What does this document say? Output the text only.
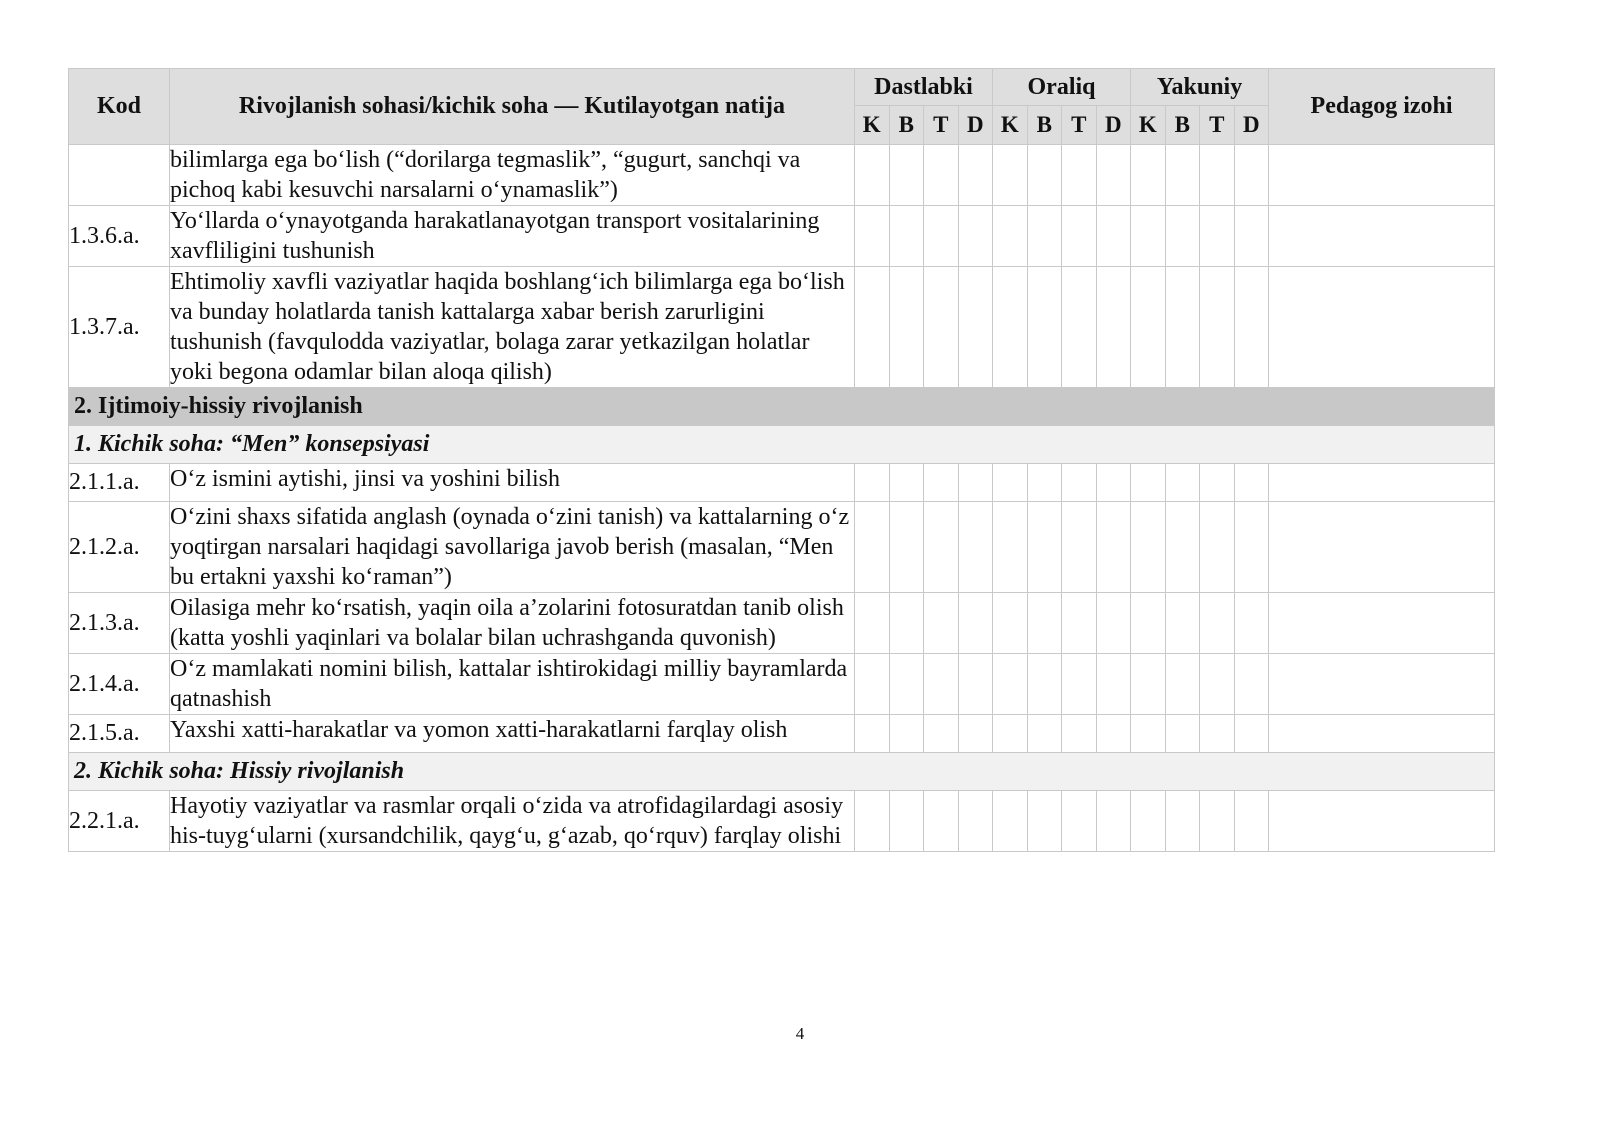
Kod	Rivojlanish sohasi/kichik soha — Kutilayotgan natija	Dastlabki				Oraliq				Yakuniy				Pedagog izohi
		K	B	T	D	K	B	T	D	K	B	T	D	
	bilimlarga ega bo‘lish (“dorilarga tegmaslik”, “gugurt, sanchqi va pichoq kabi kesuvchi narsalarni o‘ynamaslik”)													
1.3.6.a.	Yo‘llarda o‘ynayotganda harakatlanayotgan transport vositalarining xavfliligini tushunish													
1.3.7.a.	Ehtimoliy xavfli vaziyatlar haqida boshlang‘ich bilimlarga ega bo‘lish va bunday holatlarda tanish kattalarga xabar berish zarurligini tushunish (favqulodda vaziyatlar, bolaga zarar yetkazilgan holatlar yoki begona odamlar bilan aloqa qilish)													
2. Ijtimoiy-hissiy rivojlanish														
1. Kichik soha: “Men” konsepsiyasi														
2.1.1.a.	O‘z ismini aytishi, jinsi va yoshini bilish													
2.1.2.a.	O‘zini shaxs sifatida anglash (oynada o‘zini tanish) va kattalarning o‘z yoqtirgan narsalari haqidagi savollariga javob berish (masalan, “Men bu ertakni yaxshi ko‘raman”)													
2.1.3.a.	Oilasiga mehr ko‘rsatish, yaqin oila a’zolarini fotosuratdan tanib olish (katta yoshli yaqinlari va bolalar bilan uchrashganda quvonish)													
2.1.4.a.	O‘z mamlakati nomini bilish, kattalar ishtirokidagi milliy bayramlarda qatnashish													
2.1.5.a.	Yaxshi xatti-harakatlar va yomon xatti-harakatlarni farqlay olish													
2. Kichik soha: Hissiy rivojlanish														
2.2.1.a.	Hayotiy vaziyatlar va rasmlar orqali o‘zida va atrofidagilardagi asosiy his-tuyg‘ularni (xursandchilik, qayg‘u, g‘azab, qo‘rquv) farqlay olishi													
4
